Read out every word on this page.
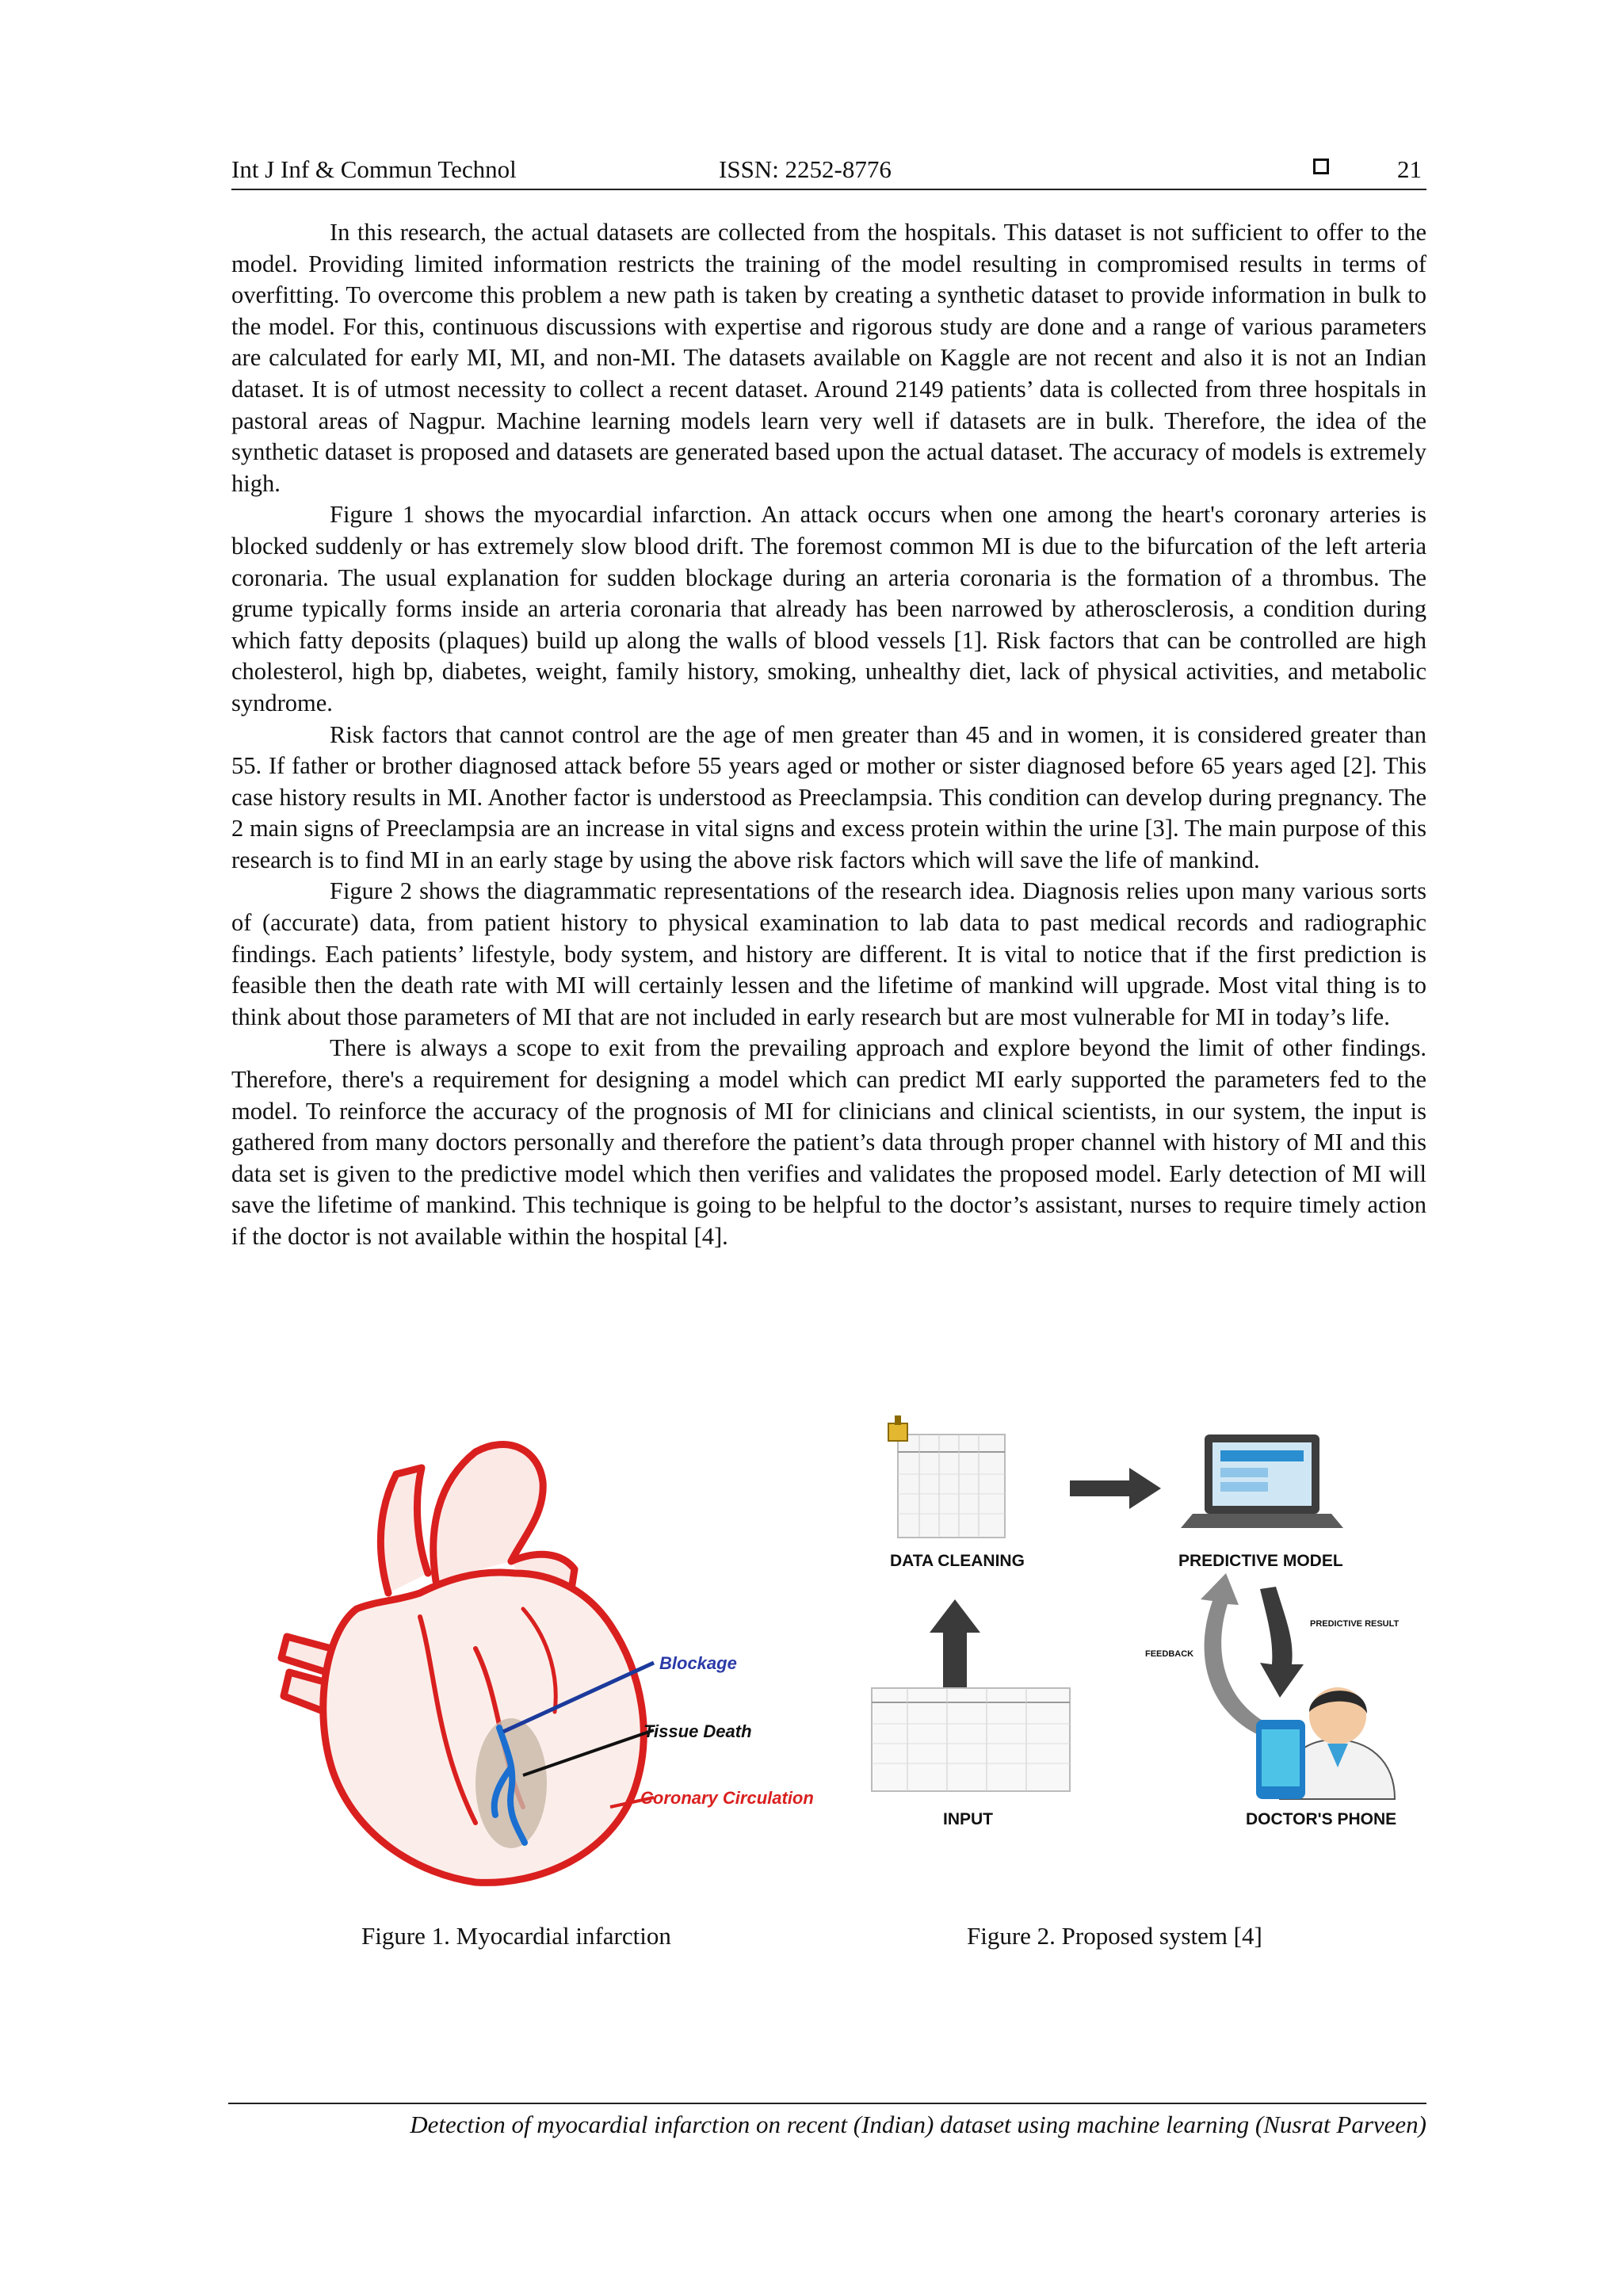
Int J Inf & Commun Technol	ISSN: 2252-8776	21

In this research, the actual datasets are collected from the hospitals. This dataset is not sufficient to offer to the model. Providing limited information restricts the training of the model resulting in compromised results in terms of overfitting. To overcome this problem a new path is taken by creating a synthetic dataset to provide information in bulk to the model. For this, continuous discussions with expertise and rigorous study are done and a range of various parameters are calculated for early MI, MI, and non-MI. The datasets available on Kaggle are not recent and also it is not an Indian dataset. It is of utmost necessity to collect a recent dataset. Around 2149 patients’ data is collected from three hospitals in pastoral areas of Nagpur. Machine learning models learn very well if datasets are in bulk. Therefore, the idea of the synthetic dataset is proposed and datasets are generated based upon the actual dataset. The accuracy of models is extremely high.

Figure 1 shows the myocardial infarction. An attack occurs when one among the heart's coronary arteries is blocked suddenly or has extremely slow blood drift. The foremost common MI is due to the bifurcation of the left arteria coronaria. The usual explanation for sudden blockage during an arteria coronaria is the formation of a thrombus. The grume typically forms inside an arteria coronaria that already has been narrowed by atherosclerosis, a condition during which fatty deposits (plaques) build up along the walls of blood vessels [1]. Risk factors that can be controlled are high cholesterol, high bp, diabetes, weight, family history, smoking, unhealthy diet, lack of physical activities, and metabolic syndrome.

Risk factors that cannot control are the age of men greater than 45 and in women, it is considered greater than 55. If father or brother diagnosed attack before 55 years aged or mother or sister diagnosed before 65 years aged [2]. This case history results in MI. Another factor is understood as Preeclampsia. This condition can develop during pregnancy. The 2 main signs of Preeclampsia are an increase in vital signs and excess protein within the urine [3]. The main purpose of this research is to find MI in an early stage by using the above risk factors which will save the life of mankind.

Figure 2 shows the diagrammatic representations of the research idea. Diagnosis relies upon many various sorts of (accurate) data, from patient history to physical examination to lab data to past medical records and radiographic findings. Each patients’ lifestyle, body system, and history are different. It is vital to notice that if the first prediction is feasible then the death rate with MI will certainly lessen and the lifetime of mankind will upgrade. Most vital thing is to think about those parameters of MI that are not included in early research but are most vulnerable for MI in today’s life.

There is always a scope to exit from the prevailing approach and explore beyond the limit of other findings. Therefore, there's a requirement for designing a model which can predict MI early supported the parameters fed to the model. To reinforce the accuracy of the prognosis of MI for clinicians and clinical scientists, in our system, the input is gathered from many doctors personally and therefore the patient’s data through proper channel with history of MI and this data set is given to the predictive model which then verifies and validates the proposed model. Early detection of MI will save the lifetime of mankind. This technique is going to be helpful to the doctor’s assistant, nurses to require timely action if the doctor is not available within the hospital [4].

Blockage
Tissue Death
Coronary Circulation
DATA CLEANING	PREDICTIVE MODEL
INPUT
PREDICTIVE RESULT
FEEDBACK
DOCTOR'S PHONE
Figure 1. Myocardial infarction	Figure 2. Proposed system [4]
Detection of myocardial infarction on recent (Indian) dataset using machine learning (Nusrat Parveen)
